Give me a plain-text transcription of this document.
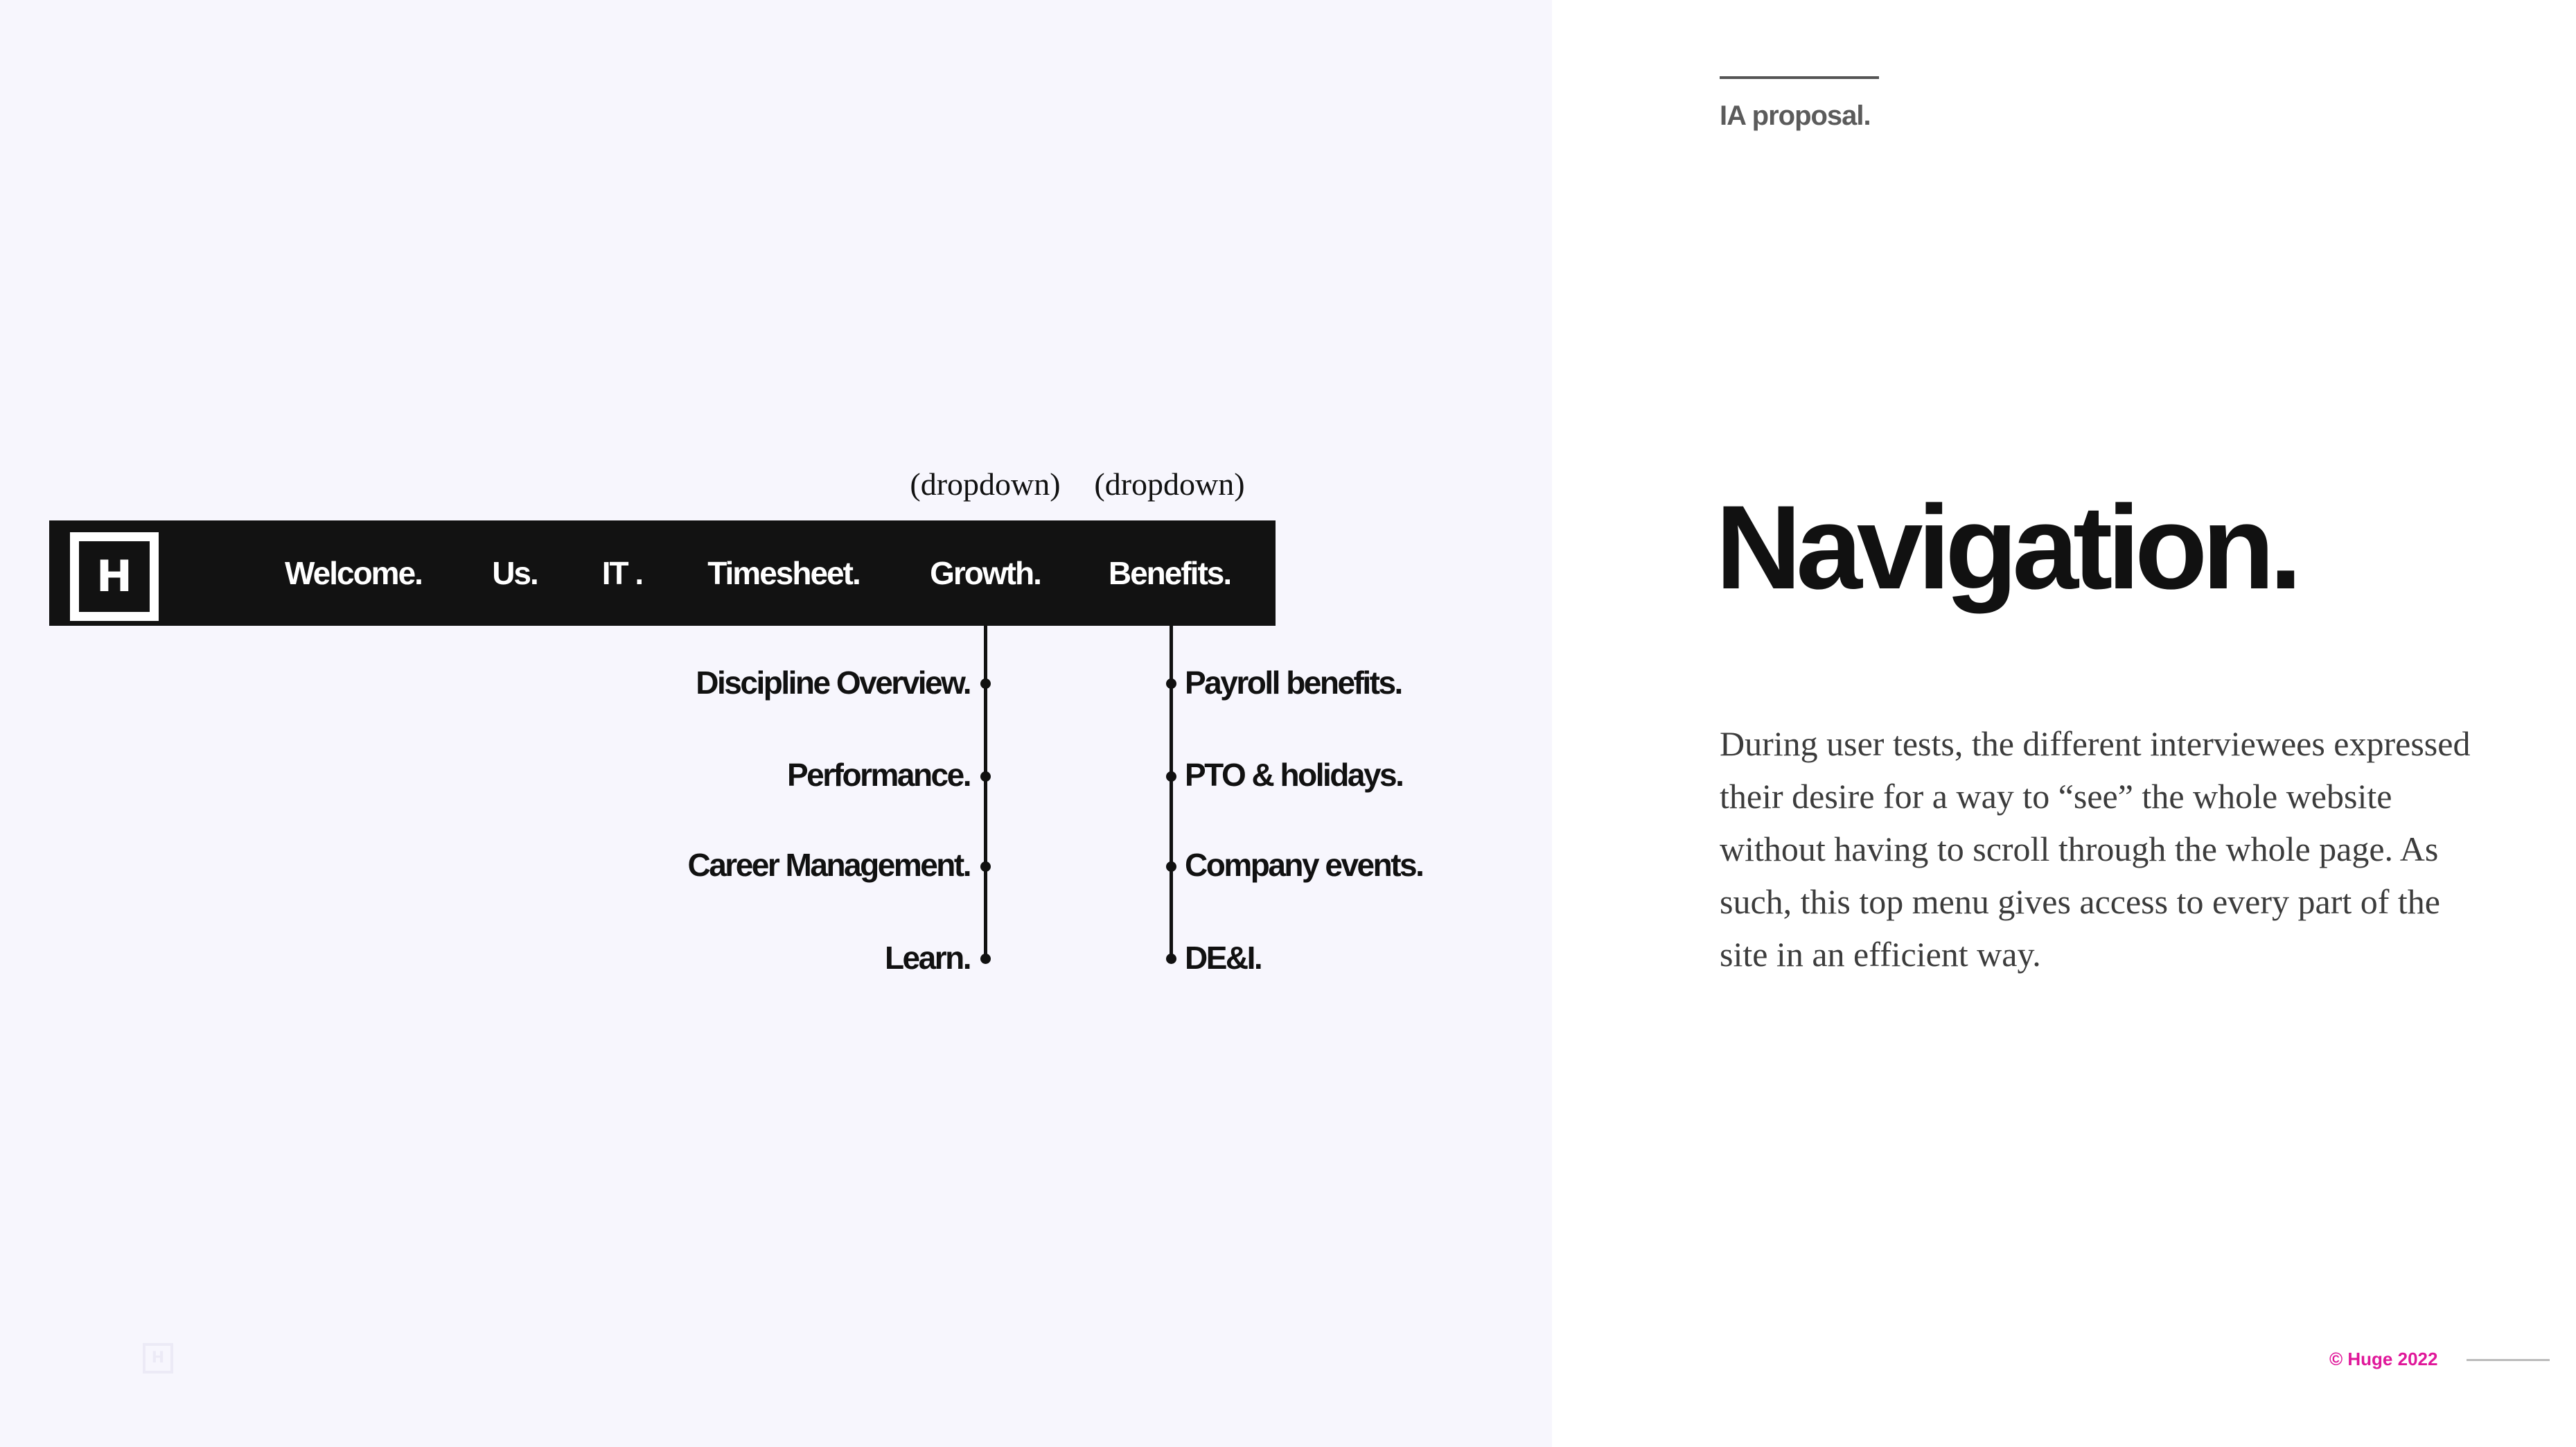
(dropdown) (dropdown)
H	Welcome. Us. IT . Timesheet. Growth. Benefits.
Discipline Overview.
Performance.
Career Management.
Learn.
Payroll benefits.
PTO & holidays.
Company events.
DE&I.
H
IA proposal.
Navigation.
During user tests, the different interviewees expressed their desire for a way to “see” the whole website without having to scroll through the whole page. As such, this top menu gives access to every part of the site in an efficient way.
© Huge 2022
